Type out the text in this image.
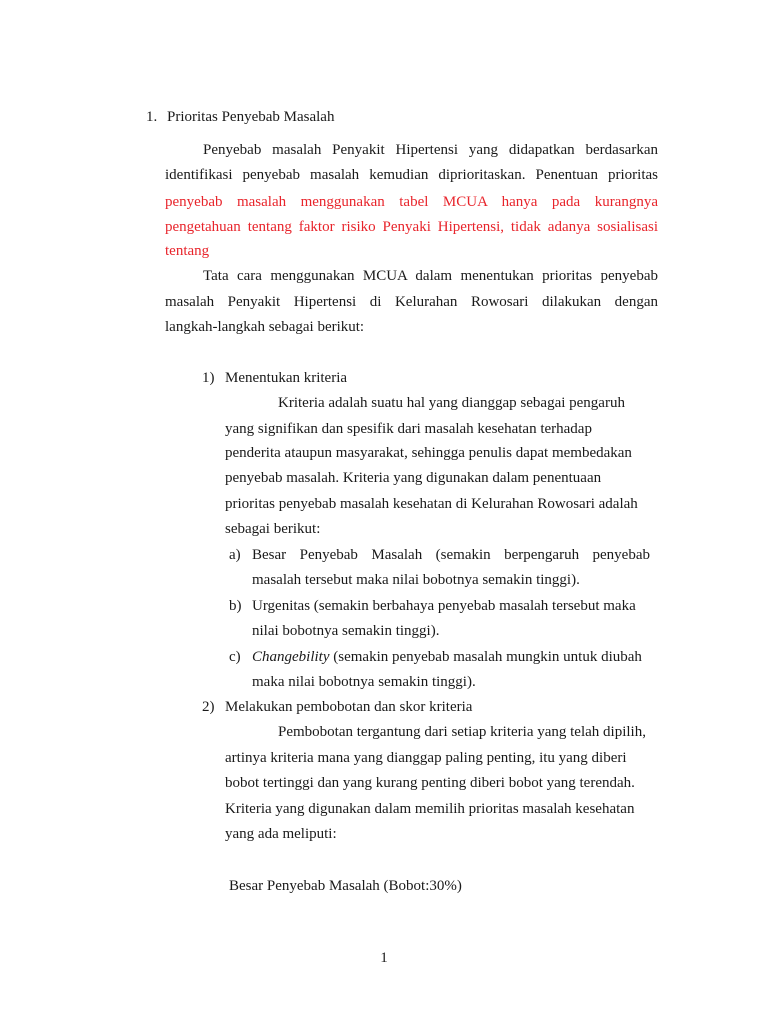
1. Prioritas Penyebab Masalah
Penyebab masalah Penyakit Hipertensi yang didapatkan berdasarkan
identifikasi penyebab masalah kemudian diprioritaskan. Penentuan prioritas
penyebab masalah menggunakan tabel MCUA hanya pada kurangnya
pengetahuan tentang faktor risiko Penyaki Hipertensi, tidak adanya sosialisasi
tentang
Tata cara menggunakan MCUA dalam menentukan prioritas penyebab
masalah Penyakit Hipertensi di Kelurahan Rowosari dilakukan dengan
langkah-langkah sebagai berikut:
1) Menentukan kriteria
Kriteria adalah suatu hal yang dianggap sebagai pengaruh
yang signifikan dan spesifik dari masalah kesehatan terhadap
penderita ataupun masyarakat, sehingga penulis dapat membedakan
penyebab masalah. Kriteria yang digunakan dalam penentuaan
prioritas penyebab masalah kesehatan di Kelurahan Rowosari adalah
sebagai berikut:
a) Besar Penyebab Masalah (semakin berpengaruh penyebab
masalah tersebut maka nilai bobotnya semakin tinggi).
b) Urgenitas (semakin berbahaya penyebab masalah tersebut maka
nilai bobotnya semakin tinggi).
c) Changebility (semakin penyebab masalah mungkin untuk diubah
maka nilai bobotnya semakin tinggi).
2) Melakukan pembobotan dan skor kriteria
Pembobotan tergantung dari setiap kriteria yang telah dipilih,
artinya kriteria mana yang dianggap paling penting, itu yang diberi
bobot tertinggi dan yang kurang penting diberi bobot yang terendah.
Kriteria yang digunakan dalam memilih prioritas masalah kesehatan
yang ada meliputi:
Besar Penyebab Masalah (Bobot:30%)
1
